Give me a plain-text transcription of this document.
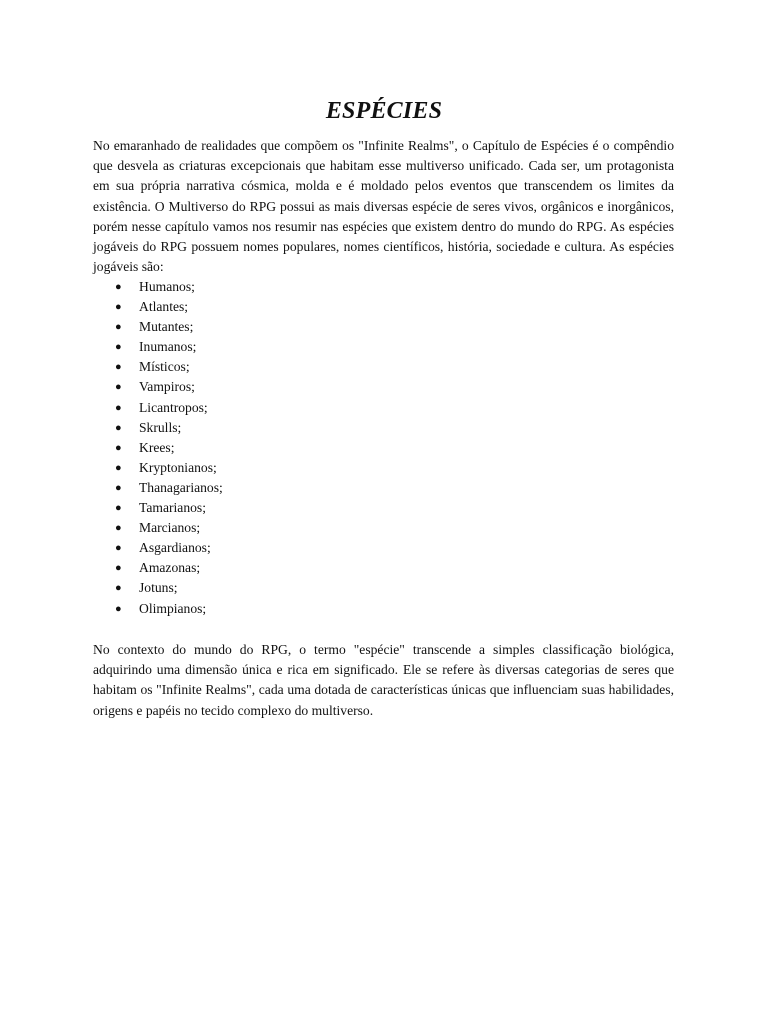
ESPÉCIES

No emaranhado de realidades que compõem os "Infinite Realms", o Capítulo de Espécies é o compêndio que desvela as criaturas excepcionais que habitam esse multiverso unificado. Cada ser, um protagonista em sua própria narrativa cósmica, molda e é moldado pelos eventos que transcendem os limites da existência. O Multiverso do RPG possui as mais diversas espécie de seres vivos, orgânicos e inorgânicos, porém nesse capítulo vamos nos resumir nas espécies que existem dentro do mundo do RPG. As espécies jogáveis do RPG possuem nomes populares, nomes científicos, história, sociedade e cultura. As espécies jogáveis são:

● Humanos;
● Atlantes;
● Mutantes;
● Inumanos;
● Místicos;
● Vampiros;
● Licantropos;
● Skrulls;
● Krees;
● Kryptonianos;
● Thanagarianos;
● Tamarianos;
● Marcianos;
● Asgardianos;
● Amazonas;
● Jotuns;
● Olimpianos;

No contexto do mundo do RPG, o termo "espécie" transcende a simples classificação biológica, adquirindo uma dimensão única e rica em significado. Ele se refere às diversas categorias de seres que habitam os "Infinite Realms", cada uma dotada de características únicas que influenciam suas habilidades, origens e papéis no tecido complexo do multiverso.
